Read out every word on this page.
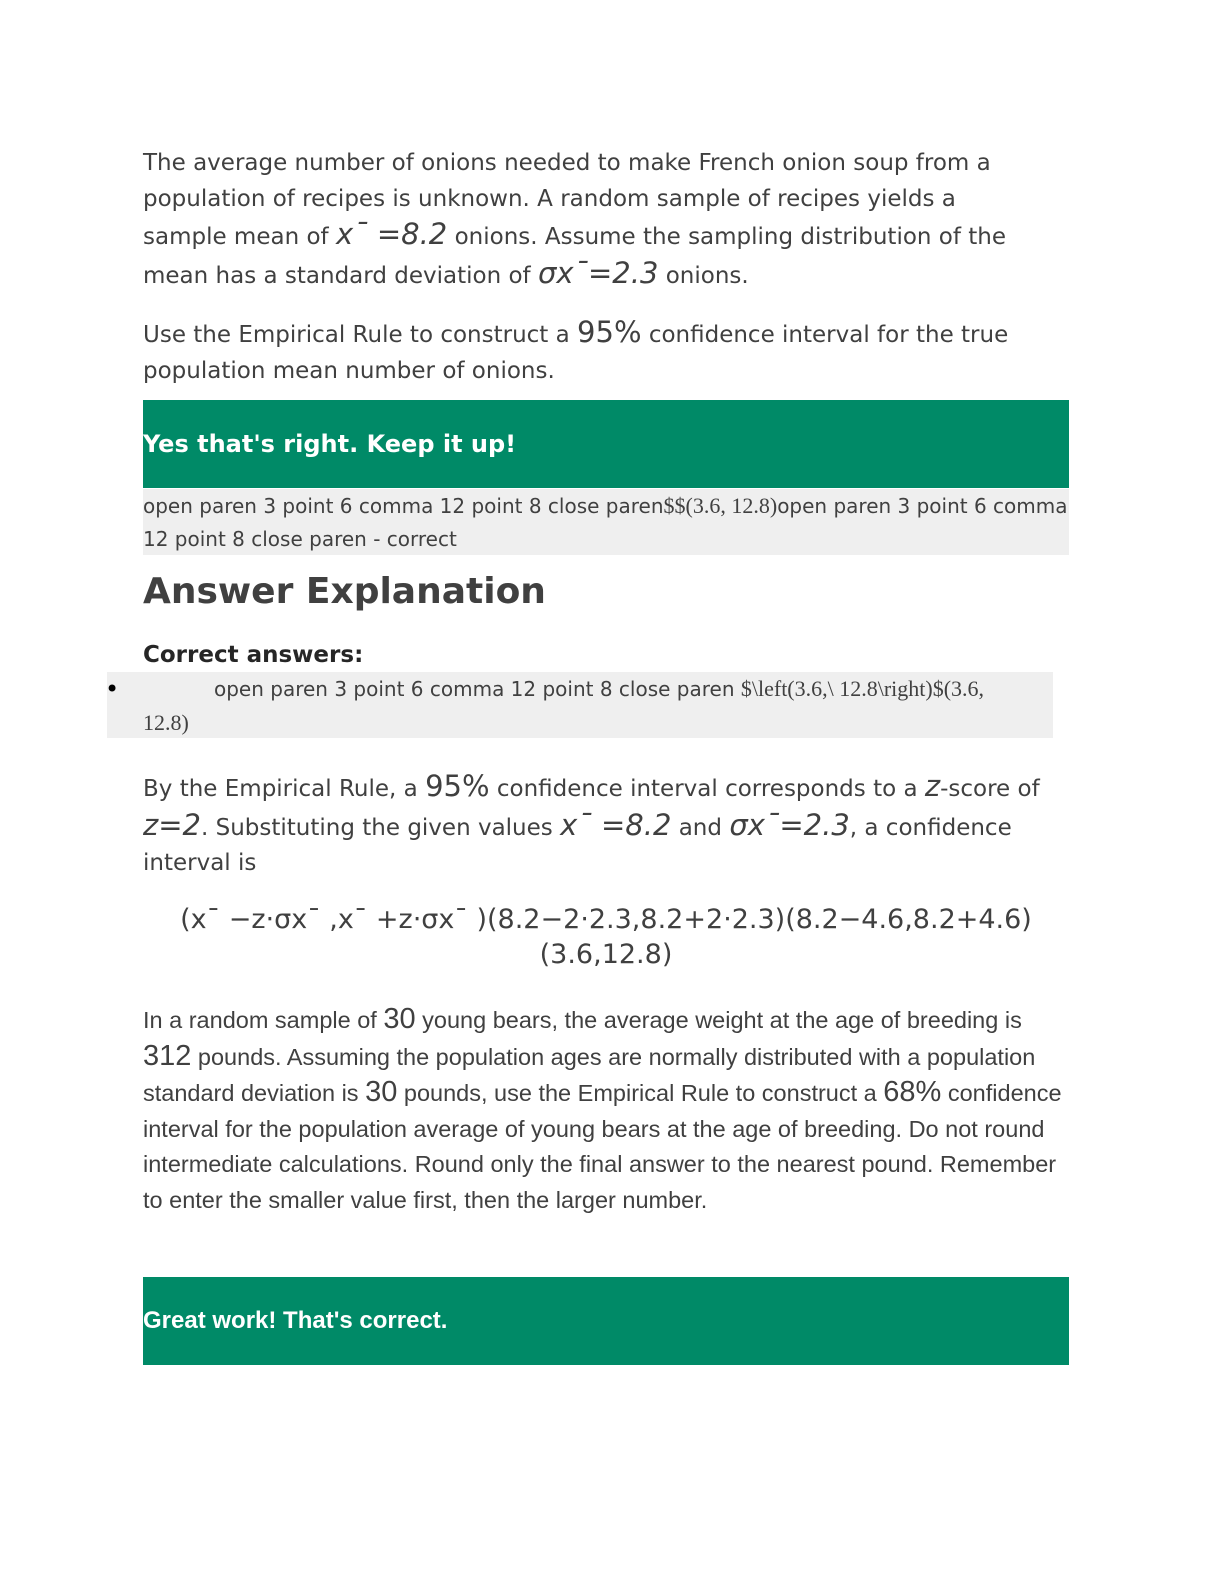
The average number of onions needed to make French onion soup from a population of recipes is unknown. A random sample of recipes yields a sample mean of x¯ =8.2 onions. Assume the sampling distribution of the mean has a standard deviation of σx¯=2.3 onions.

Use the Empirical Rule to construct a 95% confidence interval for the true population mean number of onions.

Yes that's right. Keep it up!
open paren 3 point 6 comma 12 point 8 close paren$$(3.6, 12.8)open paren 3 point 6 comma 12 point 8 close paren - correct
Answer Explanation
Correct answers:
•	open paren 3 point 6 comma 12 point 8 close paren $\left(3.6,\ 12.8\right)$(3.6,
12.8)

By the Empirical Rule, a 95% confidence interval corresponds to a z-score of z=2. Substituting the given values x¯ =8.2 and σx¯=2.3, a confidence interval is

(x¯ −z⋅σx¯ ,x¯ +z⋅σx¯ )(8.2−2⋅2.3,8.2+2⋅2.3)(8.2−4.6,8.2+4.6)
(3.6,12.8)

In a random sample of 30 young bears, the average weight at the age of breeding is 312 pounds. Assuming the population ages are normally distributed with a population standard deviation is 30 pounds, use the Empirical Rule to construct a 68% confidence interval for the population average of young bears at the age of breeding. Do not round intermediate calculations. Round only the final answer to the nearest pound. Remember to enter the smaller value first, then the larger number.

Great work! That's correct.
